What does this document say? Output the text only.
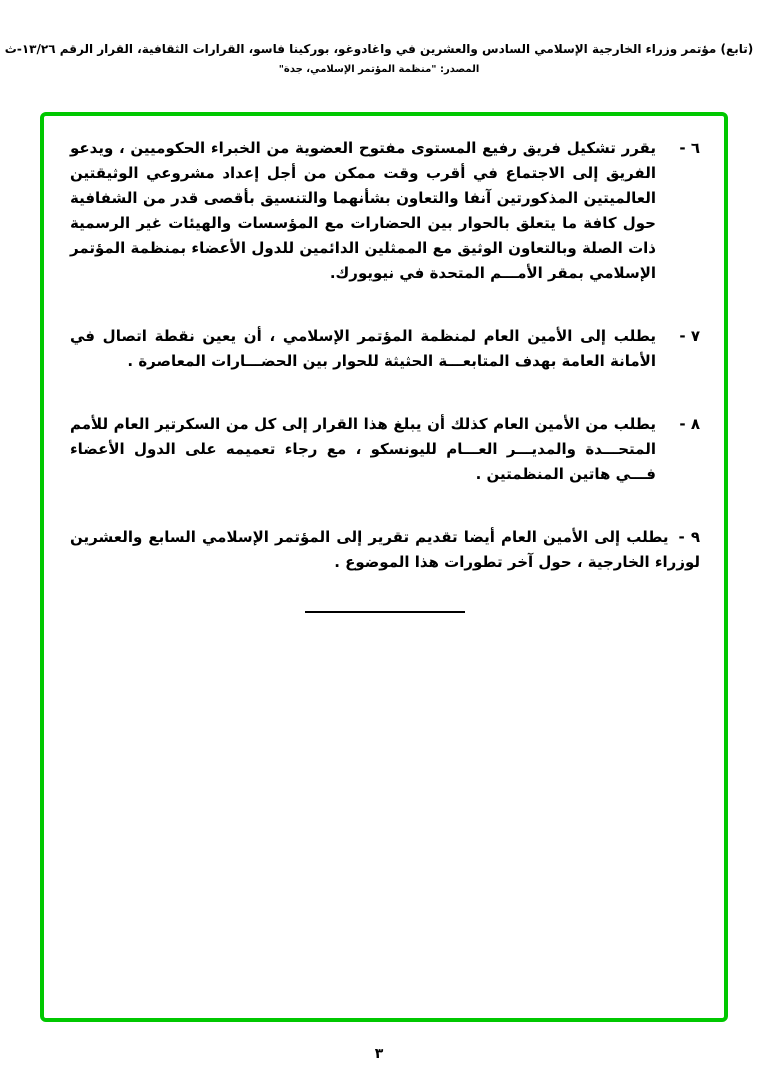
(تابع) مؤتمر وزراء الخارجية الإسلامي السادس والعشرين في واغادوغو، بوركينا فاسو، القرارات الثقافية، القرار الرقم ١٣/٢٦-ث
المصدر: "منظمة المؤتمر الإسلامي، جدة"
٦ -

يقرر تشكيل فريق رفيع المستوى مفتوح العضوية من الخبراء الحكوميين ، ويدعو الفريق إلى الاجتماع في أقرب وقت ممكن من أجل إعداد مشروعي الوثيقتين العالميتين المذكورتين آنفا والتعاون بشأنهما والتنسيق بأقصى قدر من الشفافية حول كافة ما يتعلق بالحوار بين الحضارات مع المؤسسات والهيئات غير الرسمية ذات الصلة وبالتعاون الوثيق مع الممثلين الدائمين للدول الأعضاء بمنظمة المؤتمر الإسلامي بمقر الأمـــم المتحدة في نيويورك.

٧ -

يطلب إلى الأمين العام لمنظمة المؤتمر الإسلامي ، أن يعين نقطة اتصال في الأمانة العامة بهدف المتابعـــة الحثيثة للحوار بين الحضـــارات المعاصرة .

٨ -

يطلب من الأمين العام كذلك أن يبلغ هذا القرار إلى كل من السكرتير العام للأمم المتحـــدة والمديـــر العـــام لليونسكو ، مع رجاء تعميمه على الدول الأعضاء فـــي هاتين المنظمتين .

٩ -يطلب إلى الأمين العام أيضا تقديم تقرير إلى المؤتمر الإسلامي السابع والعشرين لوزراء الخارجية ، حول آخر تطورات هذا الموضوع .

٣
